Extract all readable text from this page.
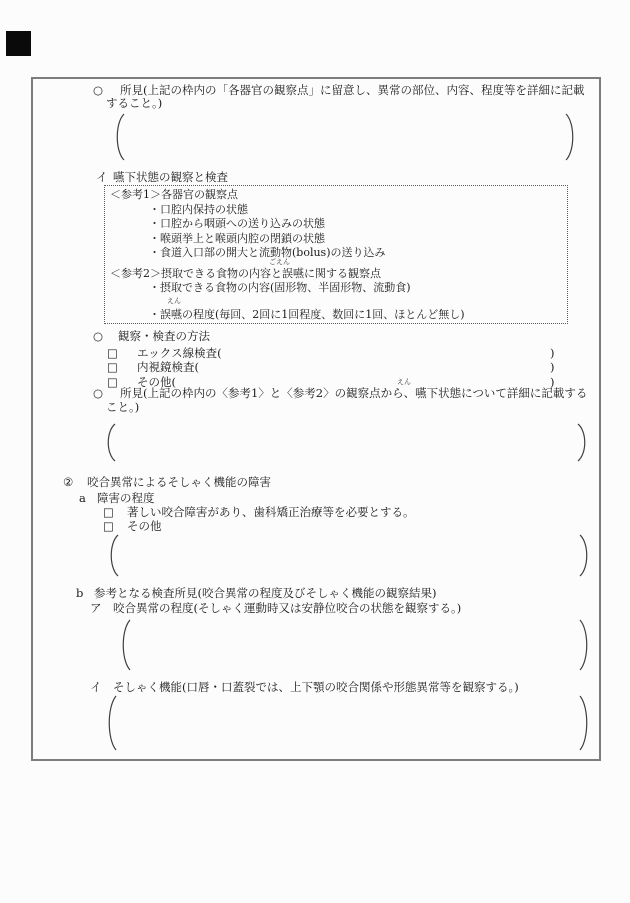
○ 所見(上記の枠内の「各器官の観察点」に留意し、異常の部位、内容、程度等を詳細に記載
すること。)
イ 嚥下状態の観察と検査
＜参考1＞各器官の観察点
・口腔内保持の状態
・口腔から咽頭への送り込みの状態
・喉頭挙上と喉頭内腔の閉鎖の状態
・食道入口部の開大と流動物(bolus)の送り込み
ごえん
＜参考2＞摂取できる食物の内容と誤嚥に関する観察点
・摂取できる食物の内容(固形物、半固形物、流動食)
えん
・誤嚥の程度(毎回、2回に1回程度、数回に1回、ほとんど無し)
○ 観察・検査の方法
□ エックス線検査(	)
□ 内視鏡検査(	)
□ その他(	)
えん
○ 所見(上記の枠内の〈参考1〉と〈参考2〉の観察点から、嚥下状態について詳細に記載する
こと。)
② 咬合異常によるそしゃく機能の障害
a 障害の程度
□ 著しい咬合障害があり、歯科矯正治療等を必要とする。
□ その他
b 参考となる検査所見(咬合異常の程度及びそしゃく機能の観察結果)
ア 咬合異常の程度(そしゃく運動時又は安静位咬合の状態を観察する。)
イ そしゃく機能(口唇・口蓋裂では、上下顎の咬合関係や形態異常等を観察する。)
